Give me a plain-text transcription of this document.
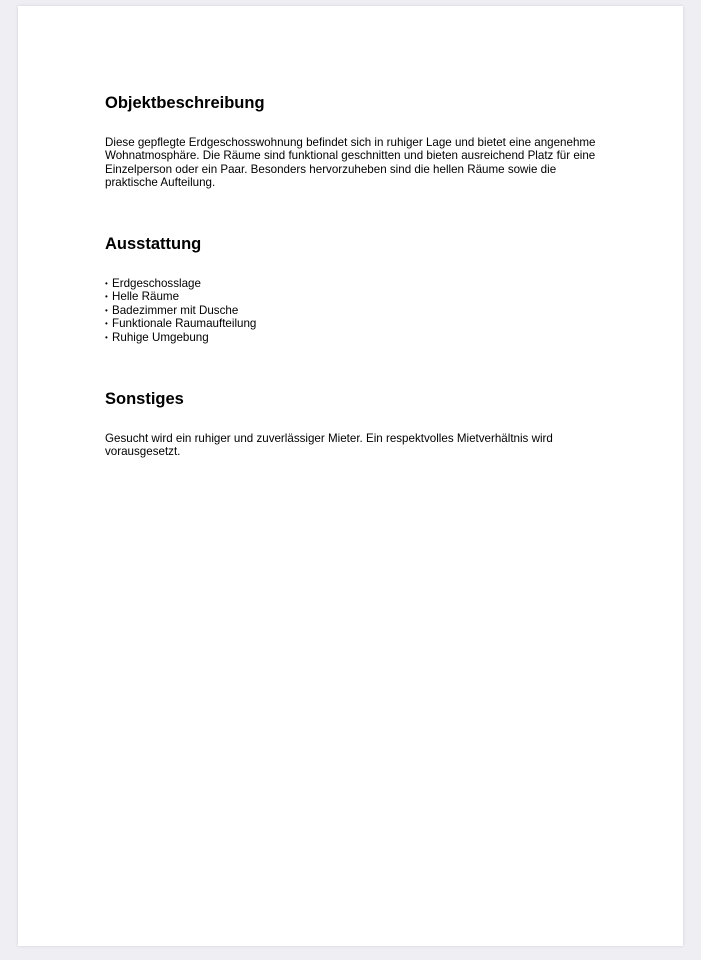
Objektbeschreibung

Diese gepflegte Erdgeschosswohnung befindet sich in ruhiger Lage und bietet eine angenehme Wohnatmosphäre. Die Räume sind funktional geschnitten und bieten ausreichend Platz für eine Einzelperson oder ein Paar. Besonders hervorzuheben sind die hellen Räume sowie die praktische Aufteilung.

Ausstattung
• Erdgeschosslage
• Helle Räume
• Badezimmer mit Dusche
• Funktionale Raumaufteilung
• Ruhige Umgebung
Sonstiges

Gesucht wird ein ruhiger und zuverlässiger Mieter. Ein respektvolles Mietverhältnis wird vorausgesetzt.
